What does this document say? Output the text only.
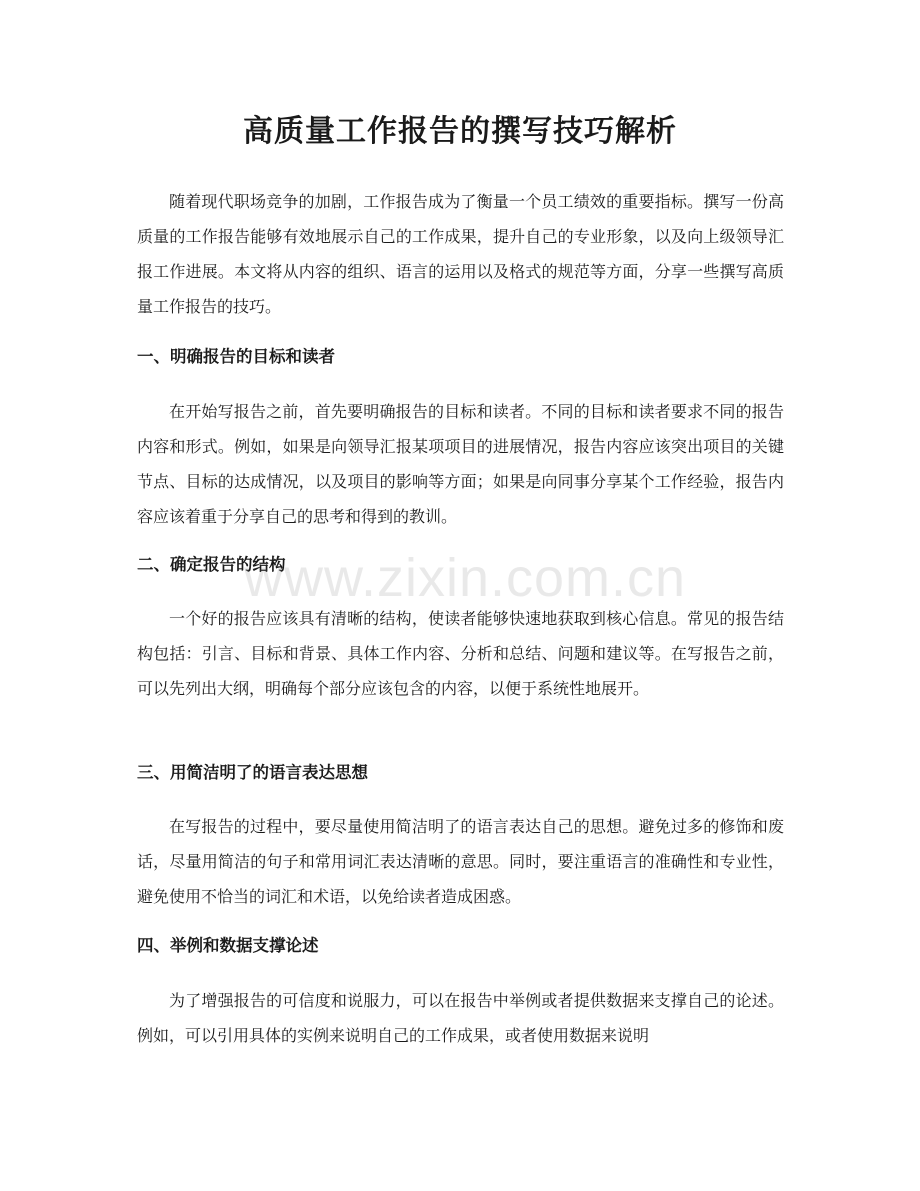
高质量工作报告的撰写技巧解析

随着现代职场竞争的加剧，工作报告成为了衡量一个员工绩效的重要指标。撰写一份高质量的工作报告能够有效地展示自己的工作成果，提升自己的专业形象，以及向上级领导汇报工作进展。本文将从内容的组织、语言的运用以及格式的规范等方面，分享一些撰写高质量工作报告的技巧。

一、明确报告的目标和读者

在开始写报告之前，首先要明确报告的目标和读者。不同的目标和读者要求不同的报告内容和形式。例如，如果是向领导汇报某项项目的进展情况，报告内容应该突出项目的关键节点、目标的达成情况，以及项目的影响等方面；如果是向同事分享某个工作经验，报告内容应该着重于分享自己的思考和得到的教训。

二、确定报告的结构

一个好的报告应该具有清晰的结构，使读者能够快速地获取到核心信息。常见的报告结构包括：引言、目标和背景、具体工作内容、分析和总结、问题和建议等。在写报告之前，可以先列出大纲，明确每个部分应该包含的内容，以便于系统性地展开。

三、用简洁明了的语言表达思想

在写报告的过程中，要尽量使用简洁明了的语言表达自己的思想。避免过多的修饰和废话，尽量用简洁的句子和常用词汇表达清晰的意思。同时，要注重语言的准确性和专业性，避免使用不恰当的词汇和术语，以免给读者造成困惑。

四、举例和数据支撑论述

为了增强报告的可信度和说服力，可以在报告中举例或者提供数据来支撑自己的论述。例如，可以引用具体的实例来说明自己的工作成果，或者使用数据来说明

www.zixin.com.cn
